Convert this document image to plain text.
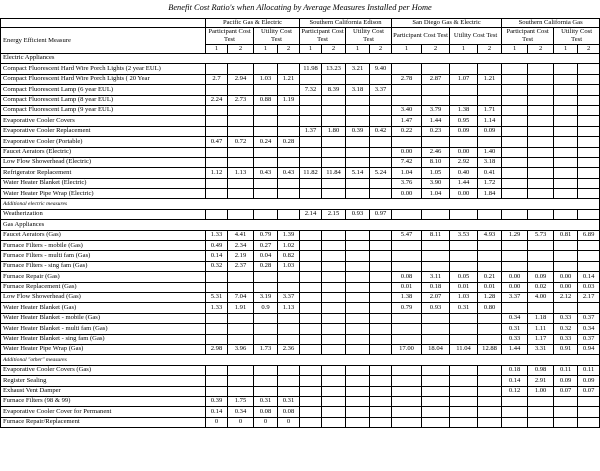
Benefit Cost Ratio's when Allocating by Average Measures Installed per Home
	Pacific Gas & Electric				Southern California Edison				San Diego Gas & Electric				Southern California Gas			
Energy Efficient Measure	Participant Cost Test		Utility Cost Test		Participant Cost Test		Utility Cost Test		Participant Cost Test		Utility Cost Test		Participant Cost Test		Utility Cost Test	
	1	2	1	2	1	2	1	2	1	2	1	2	1	2	1	2
Electric Appliances																
Compact Fluorescent Hard Wire Porch Lights (2 year EUL)					11.98	13.23	3.21	9.40								
Compact Fluorescent Hard Wire Porch Lights ( 20 Year	2.7	2.94	1.03	1.21					2.78	2.87	1.07	1.21				
Compact Fluorescent Lamp (6 year EUL)					7.32	8.39	3.18	3.37								
Compact Fluorescent Lamp (8 year EUL)	2.24	2.73	0.88	1.19												
Compact Fluorescent Lamp (9 year EUL)									3.40	3.79	1.38	1.71				
Evaporative Cooler Covers									1.47	1.44	0.95	1.14				
Evaporative Cooler Replacement					1.37	1.80	0.39	0.42	0.22	0.23	0.09	0.09				
Evaporative Cooler (Portable)	0.47	0.72	0.24	0.28												
Faucet Aerators (Electric)									0.00	2.46	0.00	1.40				
Low Flow Showerhead (Electric)									7.42	8.10	2.92	3.18				
Refrigerator Replacement	1.12	1.13	0.43	0.43	11.82	11.84	5.14	5.24	1.04	1.05	0.40	0.41				
Water Heater Blanket (Electric)									3.76	3.90	1.44	1.72				
Water Heater Pipe Wrap (Electric)									0.00	1.04	0.00	1.84				
Additional electric measures																
Weatherization					2.14	2.15	0.93	0.97								
Gas Appliances																
Faucet Aerators (Gas)	1.33	4.41	0.79	1.39					5.47	8.11	3.53	4.93	1.29	5.73	0.81	6.89
Furnace Filters - mobile (Gas)	0.49	2.34	0.27	1.02												
Furnace Filters - multi fam (Gas)	0.14	2.19	0.04	0.82												
Furnace Filters - sing fam (Gas)	0.32	2.37	0.28	1.03												
Furnace Repair (Gas)									0.08	3.11	0.05	0.21	0.00	0.09	0.00	0.14
Furnace Replacement (Gas)									0.01	0.18	0.01	0.01	0.00	0.02	0.00	0.03
Low Flow Showerhead (Gas)	5.31	7.04	3.19	3.37					1.38	2.07	1.03	1.28	3.37	4.00	2.12	2.17
Water Heater Blanket (Gas)	1.33	1.91	0.9	1.13					0.79	0.93	0.31	0.80				
Water Heater Blanket - mobile (Gas)													0.34	1.18	0.33	0.37
Water Heater Blanket - multi fam (Gas)													0.31	1.11	0.32	0.34
Water Heater Blanket - sing fam (Gas)													0.33	1.17	0.33	0.37
Water Heater Pipe Wrap (Gas)	2.98	3.96	1.73	2.36					17.00	18.04	11.04	12.88	1.44	3.31	0.91	0.94
Additional "other" measures																
Evaporative Cooler Covers (Gas)													0.18	0.98	0.11	0.11
Register Sealing													0.14	2.91	0.09	0.09
Exhaust Vent Damper													0.12	1.00	0.07	0.07
Furnace Filters (98 & 99)	0.39	1.75	0.31	0.31												
Evaporative Cooler Cover for Permanent	0.14	0.34	0.08	0.08												
Furnace Repair/Replacement	0	0	0	0												
